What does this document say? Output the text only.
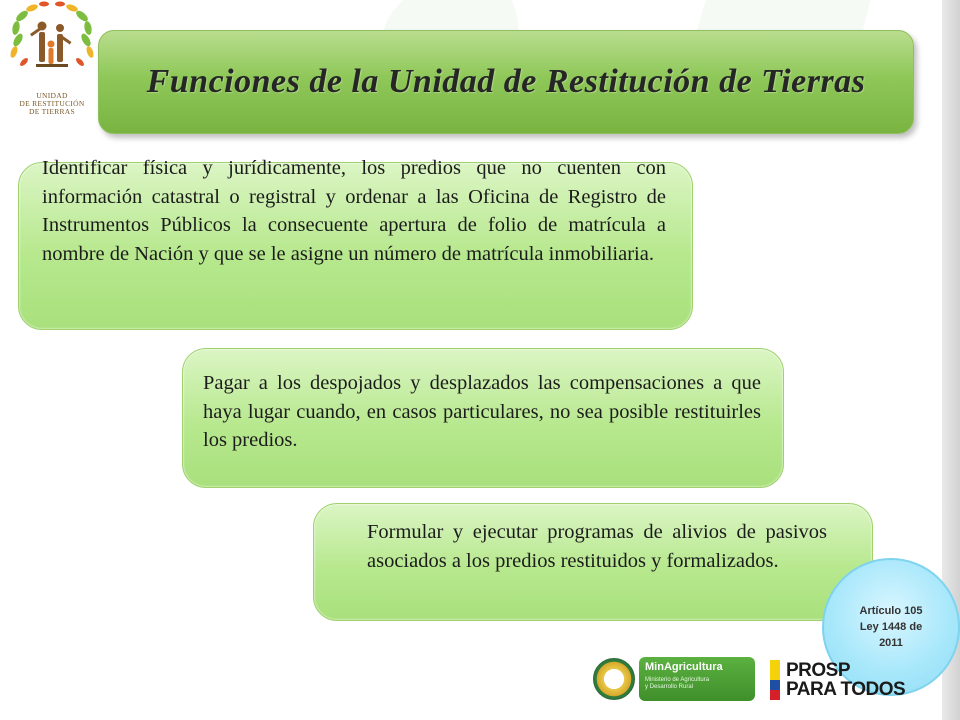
UNIDAD
DE RESTITUCIÓN
DE TIERRAS
Funciones de la Unidad de Restitución de Tierras
Identificar física y jurídicamente, los predios que no cuenten con información catastral o registral y ordenar a las Oficina de Registro de Instrumentos Públicos la consecuente apertura de folio de matrícula a nombre de Nación y que se le asigne un número de matrícula inmobiliaria.
Pagar a los despojados y desplazados las compensaciones a que haya lugar cuando, en casos particulares, no sea posible restituirles los predios.
Formular y ejecutar programas de alivios de pasivos asociados a los predios restituidos y formalizados.
Artículo 105
Ley 1448 de
2011
MinAgricultura
Ministerio de Agricultura
y Desarrollo Rural
PROSP
PARA TODOS
